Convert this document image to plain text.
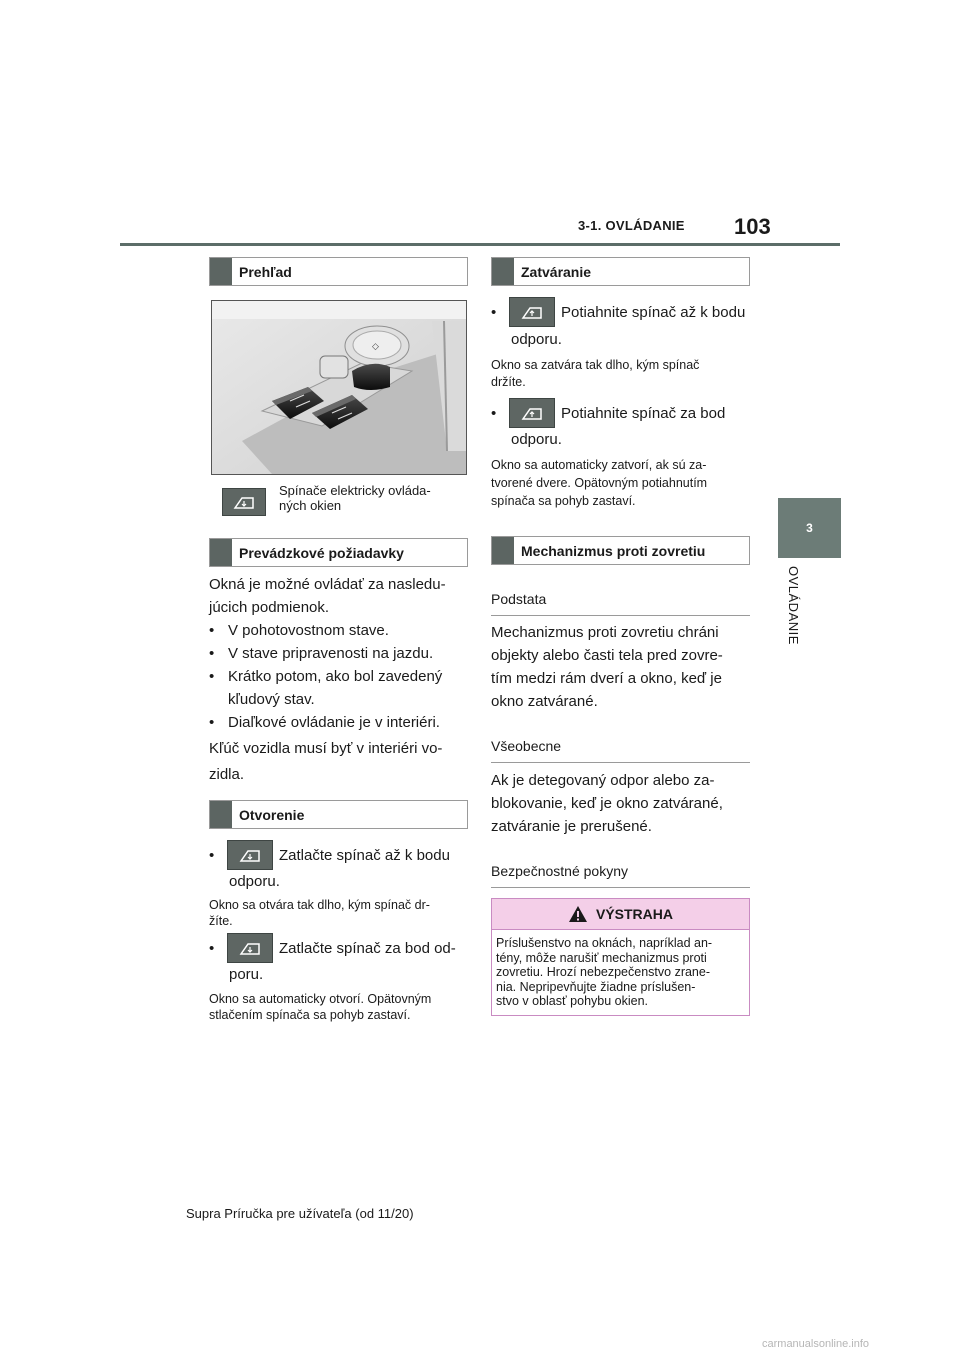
3-1. OVLÁDANIE 103
3
OVLÁDANIE
Prehľad
◇
Spínače elektricky ovláda-
ných okien
Prevádzkové požiadavky
Okná je možné ovládať za nasledu-
júcich podmienok.
• V pohotovostnom stave.
• V stave pripravenosti na jazdu.
• Krátko potom, ako bol zavedený
kľudový stav.
• Diaľkové ovládanie je v interiéri.
Kľúč vozidla musí byť v interiéri vo-
zidla.
Otvorenie
•	Zatlačte spínač až k bodu
odporu.
Okno sa otvára tak dlho, kým spínač dr-
žíte.
•	Zatlačte spínač za bod od-
poru.
Okno sa automaticky otvorí. Opätovným
stlačením spínača sa pohyb zastaví.
Zatváranie
•	Potiahnite spínač až k bodu
odporu.
Okno sa zatvára tak dlho, kým spínač
držíte.
•	Potiahnite spínač za bod
odporu.
Okno sa automaticky zatvorí, ak sú za-
tvorené dvere. Opätovným potiahnutím
spínača sa pohyb zastaví.
Mechanizmus proti zovretiu
Podstata
Mechanizmus proti zovretiu chráni
objekty alebo časti tela pred zovre-
tím medzi rám dverí a okno, keď je
okno zatvárané.
Všeobecne
Ak je detegovaný odpor alebo za-
blokovanie, keď je okno zatvárané,
zatváranie je prerušené.
Bezpečnostné pokyny
VÝSTRAHA
Príslušenstvo na oknách, napríklad an-
tény, môže narušiť mechanizmus proti
zovretiu. Hrozí nebezpečenstvo zrane-
nia. Nepripevňujte žiadne príslušen-
stvo v oblasť pohybu okien.
Supra Príručka pre užívateľa (od 11/20)
carmanualsonline.info
